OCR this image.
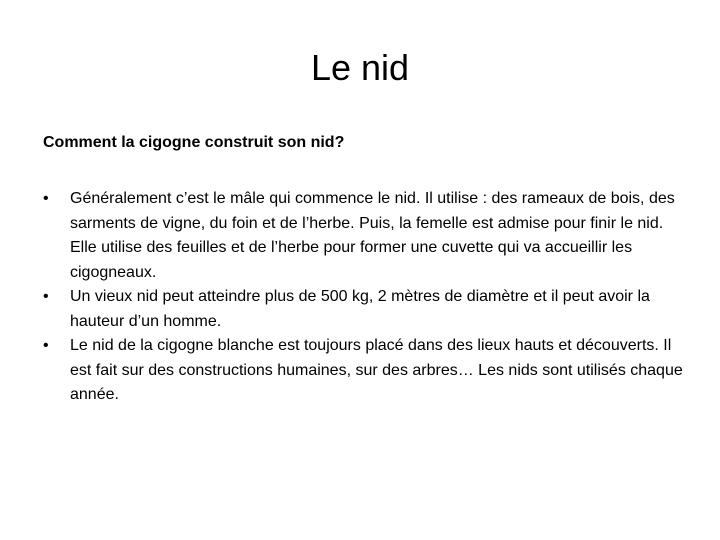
Le nid

Comment la cigogne construit son nid?

•	Généralement c’est le mâle qui commence le nid. Il utilise : des rameaux de bois, des sarments de vigne, du foin et de l’herbe. Puis, la femelle est admise pour finir le nid. Elle utilise des feuilles et de l’herbe pour former une cuvette qui va accueillir les cigogneaux.
•	Un vieux nid peut atteindre plus de 500 kg, 2 mètres de diamètre et il peut avoir la hauteur d’un homme.
•	Le nid de la cigogne blanche est toujours placé dans des lieux hauts et découverts. Il est fait sur des constructions humaines, sur des arbres… Les nids sont utilisés chaque année.
